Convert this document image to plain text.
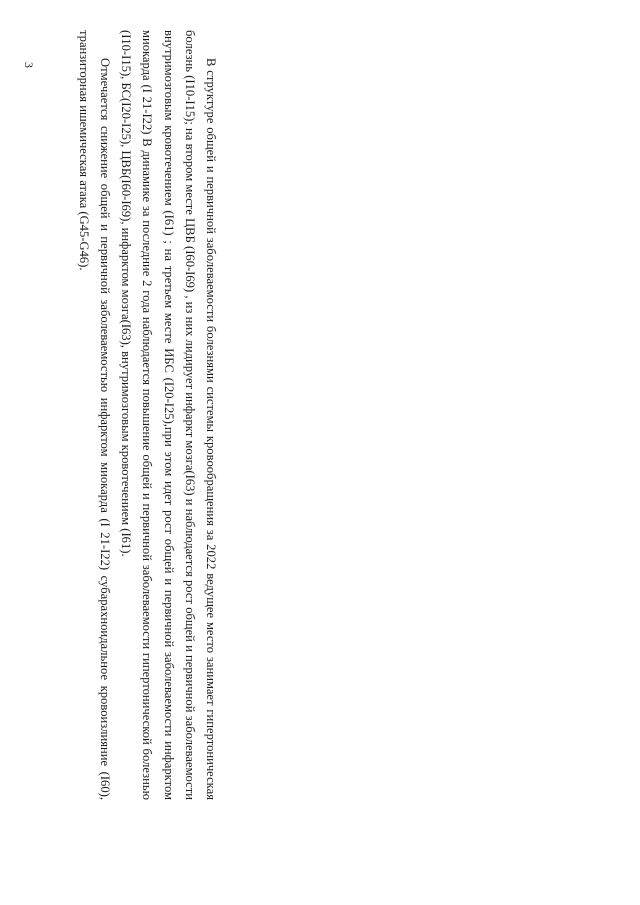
3	В структуре общей и первичной заболеваемости болезнями системы кровообращения за 2022 ведущее место занимает гипертоническая болезнь (I10-I15); на втором месте ЦВБ (I60-I69) , из них лидирует инфаркт мозга(I63) и наблюдается рост общей и первичной заболеваемости внутримозговым кровотечением (I61) ; на третьем месте ИБС (I20-I25),при этом идет рост общей и первичной заболеваемости инфарктом миокарда (I 21-I22) В динамике за последние 2 года наблюдается повышение общей и первичной заболеваемости гипертонической болезнью (I10-I15), БС(I20-I25), ЦВБ(I60-I69), инфарктом мозга(I63), внутримозговым кровотечением (I61).

Отмечается снижение общей и первичной заболеваемостью инфарктом миокарда (I 21-I22) субарахноидальное кровоизлияние (I60), транзиторная ишемическая атака (G45-G46).
